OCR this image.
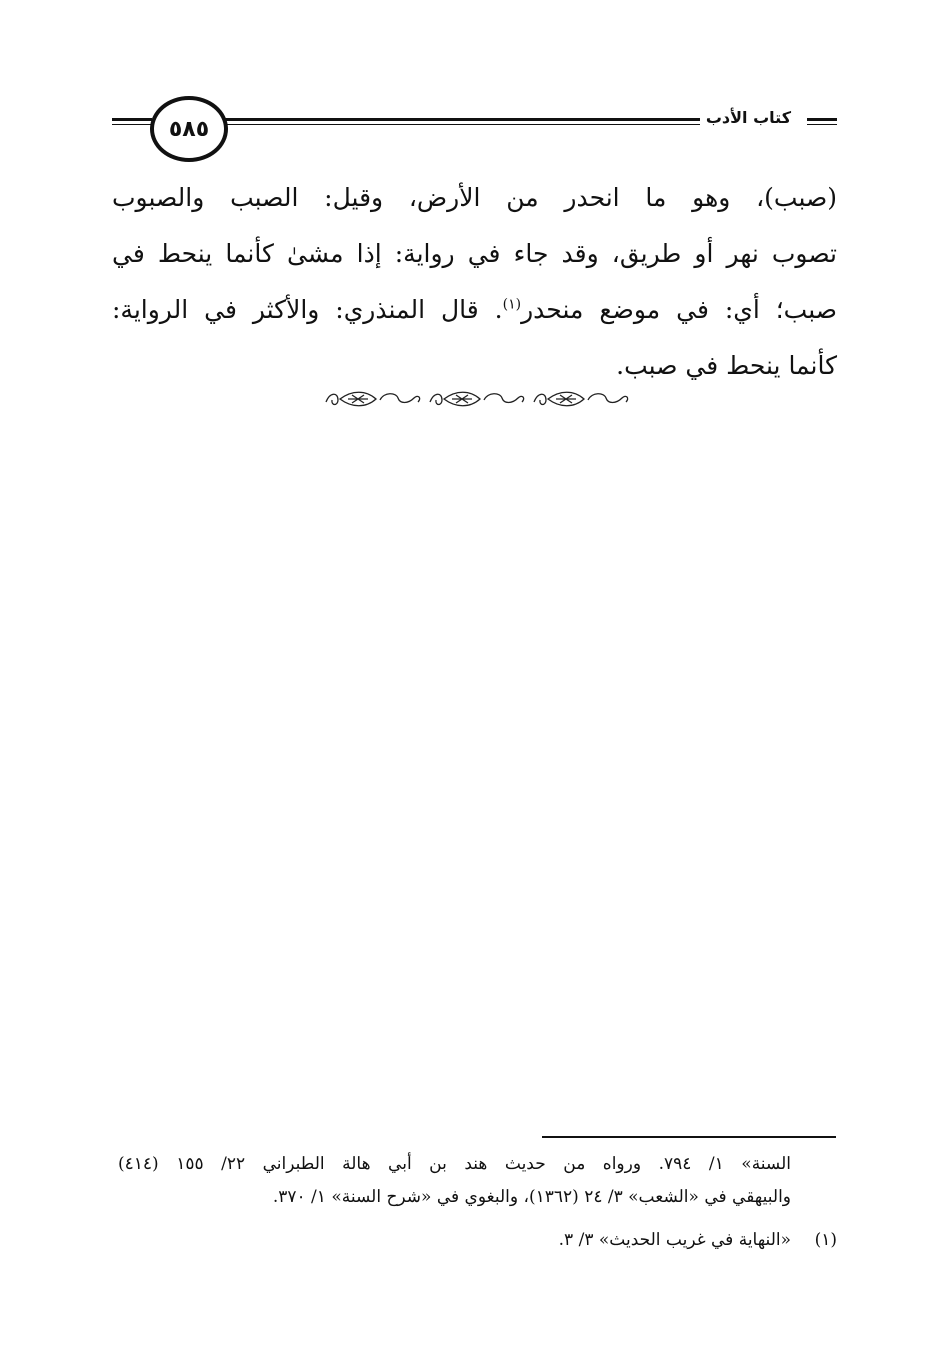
كتاب الأدب
٥٨٥
(صبب)، وهو ما انحدر من الأرض، وقيل: الصبب والصبوب
تصوب نهر أو طريق، وقد جاء في رواية: إذا مشىٰ كأنما ينحط في
صبب؛ أي: في موضع منحدر$^{(١)}$. قال المنذري: والأكثر في الرواية:
كأنما ينحط في صبب.
السنة» ١/ ٧٩٤. ورواه من حديث هند بن أبي هالة الطبراني ٢٢/ ١٥٥ (٤١٤)
والبيهقي في «الشعب» ٣/ ٢٤ (١٣٦٢)، والبغوي في «شرح السنة» ١/ ٣٧٠.
(١)«النهاية في غريب الحديث» ٣/ ٣.
